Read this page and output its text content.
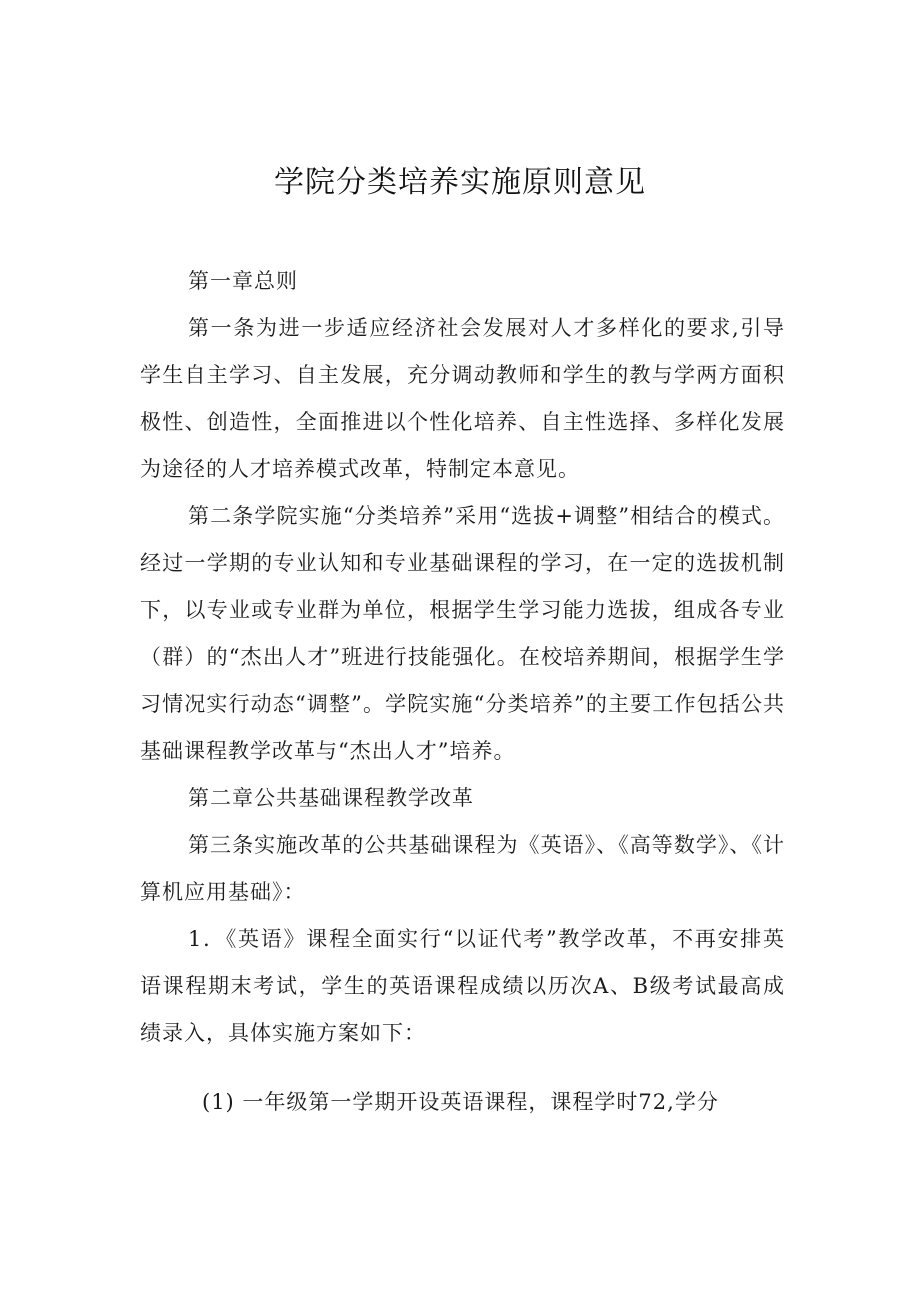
学院分类培养实施原则意见

第一章总则

第一条为进一步适应经济社会发展对人才多样化的要求,引导学生自主学习、自主发展，充分调动教师和学生的教与学两方面积极性、创造性，全面推进以个性化培养、自主性选择、多样化发展为途径的人才培养模式改革，特制定本意见。

第二条学院实施“分类培养”采用“选拔+调整”相结合的模式。经过一学期的专业认知和专业基础课程的学习，在一定的选拔机制下，以专业或专业群为单位，根据学生学习能力选拔，组成各专业（群）的“杰出人才”班进行技能强化。在校培养期间，根据学生学习情况实行动态“调整”。学院实施“分类培养”的主要工作包括公共基础课程教学改革与“杰出人才”培养。

第二章公共基础课程教学改革

第三条实施改革的公共基础课程为《英语》、《高等数学》、《计算机应用基础》：

1．《英语》课程全面实行“以证代考”教学改革，不再安排英语课程期末考试，学生的英语课程成绩以历次A、B级考试最高成绩录入，具体实施方案如下：

(1) 一年级第一学期开设英语课程，课程学时72,学分
